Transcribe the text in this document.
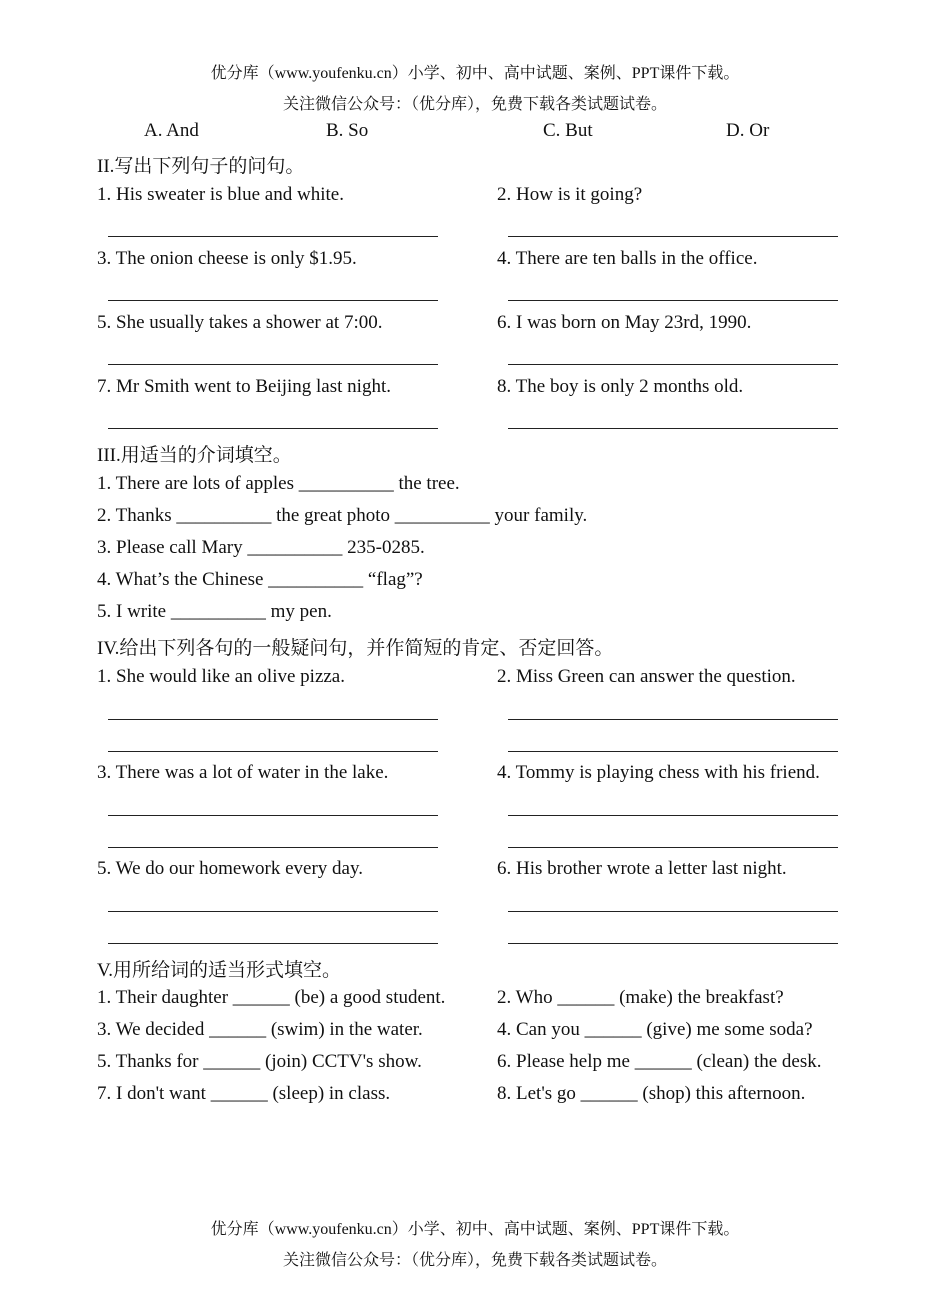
优分库（www.youfenku.cn）小学、初中、高中试题、案例、PPT课件下载。
关注微信公众号：（优分库），免费下载各类试题试卷。
A. And	B. So	C. But	D. Or
II.写出下列句子的问句。
1. His sweater is blue and white.	2. How is it going?
3. The onion cheese is only $1.95.	4. There are ten balls in the office.
5. She usually takes a shower at 7:00.	6. I was born on May 23rd, 1990.
7. Mr Smith went to Beijing last night.	8. The boy is only 2 months old.
III.用适当的介词填空。
1. There are lots of apples __________ the tree.
2. Thanks __________ the great photo __________ your family.
3. Please call Mary __________ 235-0285.
4. What’s the Chinese __________ “flag”?
5. I write __________ my pen.
IV.给出下列各句的一般疑问句，并作简短的肯定、否定回答。
1. She would like an olive pizza.	2. Miss Green can answer the question.
3. There was a lot of water in the lake.	4. Tommy is playing chess with his friend.
5. We do our homework every day.	6. His brother wrote a letter last night.
V.用所给词的适当形式填空。
1. Their daughter ______ (be) a good student.	2. Who ______ (make) the breakfast?
3. We decided ______ (swim) in the water.	4. Can you ______ (give) me some soda?
5. Thanks for ______ (join) CCTV's show.	6. Please help me ______ (clean) the desk.
7. I don't want ______ (sleep) in class.	8. Let's go ______ (shop) this afternoon.
优分库（www.youfenku.cn）小学、初中、高中试题、案例、PPT课件下载。
关注微信公众号：（优分库），免费下载各类试题试卷。
